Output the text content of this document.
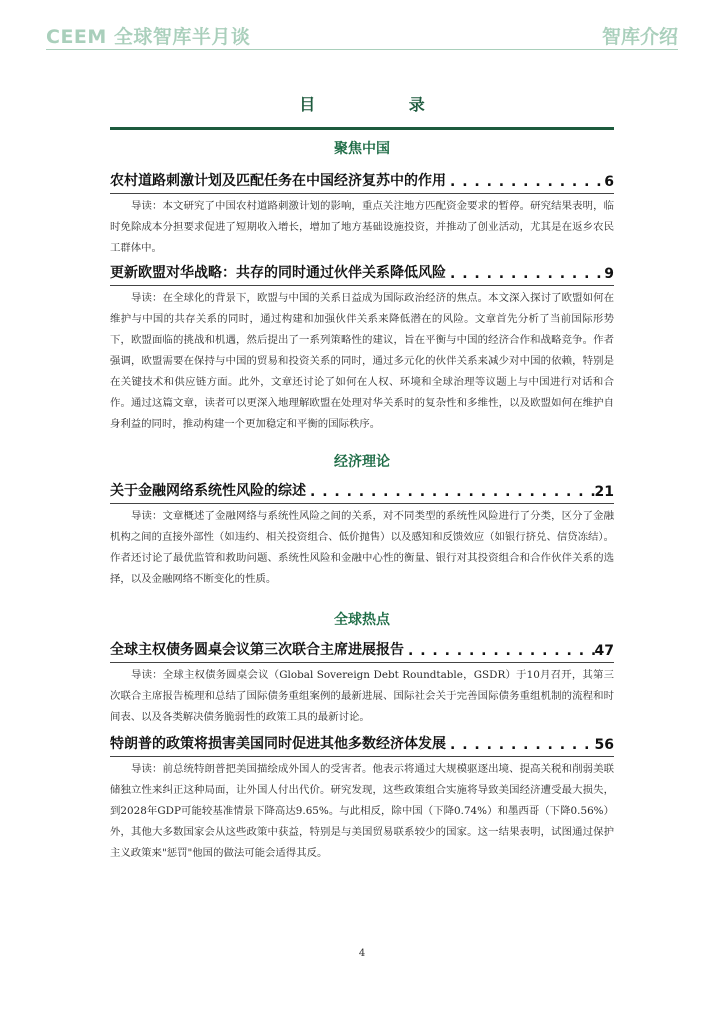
CEEM 全球智库半月谈	智库介绍
目 录
聚焦中国
农村道路刺激计划及匹配任务在中国经济复苏中的作用 . . .	6
导读：本文研究了中国农村道路刺激计划的影响，重点关注地方匹配资金要求的暂停。研究结果表明，临时免除成本分担要求促进了短期收入增长，增加了地方基础设施投资，并推动了创业活动，尤其是在返乡农民工群体中。
更新欧盟对华战略：共存的同时通过伙伴关系降低风险 . . .	9
导读：在全球化的背景下，欧盟与中国的关系日益成为国际政治经济的焦点。本文深入探讨了欧盟如何在维护与中国的共存关系的同时，通过构建和加强伙伴关系来降低潜在的风险。文章首先分析了当前国际形势下，欧盟面临的挑战和机遇，然后提出了一系列策略性的建议，旨在平衡与中国的经济合作和战略竞争。作者强调，欧盟需要在保持与中国的贸易和投资关系的同时，通过多元化的伙伴关系来减少对中国的依赖，特别是在关键技术和供应链方面。此外，文章还讨论了如何在人权、环境和全球治理等议题上与中国进行对话和合作。通过这篇文章，读者可以更深入地理解欧盟在处理对华关系时的复杂性和多维性，以及欧盟如何在维护自身利益的同时，推动构建一个更加稳定和平衡的国际秩序。
经济理论
关于金融网络系统性风险的综述 . . .	21
导读：文章概述了金融网络与系统性风险之间的关系，对不同类型的系统性风险进行了分类，区分了金融机构之间的直接外部性（如违约、相关投资组合、低价抛售）以及感知和反馈效应（如银行挤兑、信贷冻结）。作者还讨论了最优监管和救助问题、系统性风险和金融中心性的衡量、银行对其投资组合和合作伙伴关系的选择，以及金融网络不断变化的性质。
全球热点
全球主权债务圆桌会议第三次联合主席进展报告 . . .	47
导读：全球主权债务圆桌会议（Global Sovereign Debt Roundtable，GSDR）于10月召开，其第三次联合主席报告梳理和总结了国际债务重组案例的最新进展、国际社会关于完善国际债务重组机制的流程和时间表、以及各类解决债务脆弱性的政策工具的最新讨论。
特朗普的政策将损害美国同时促进其他多数经济体发展 . . .	56
导读：前总统特朗普把美国描绘成外国人的受害者。他表示将通过大规模驱逐出境、提高关税和削弱美联储独立性来纠正这种局面，让外国人付出代价。研究发现，这些政策组合实施将导致美国经济遭受最大损失，到2028年GDP可能较基准情景下降高达9.65%。与此相反，除中国（下降0.74%）和墨西哥（下降0.56%）外，其他大多数国家会从这些政策中获益，特别是与美国贸易联系较少的国家。这一结果表明，试图通过保护主义政策来"惩罚"他国的做法可能会适得其反。
4
